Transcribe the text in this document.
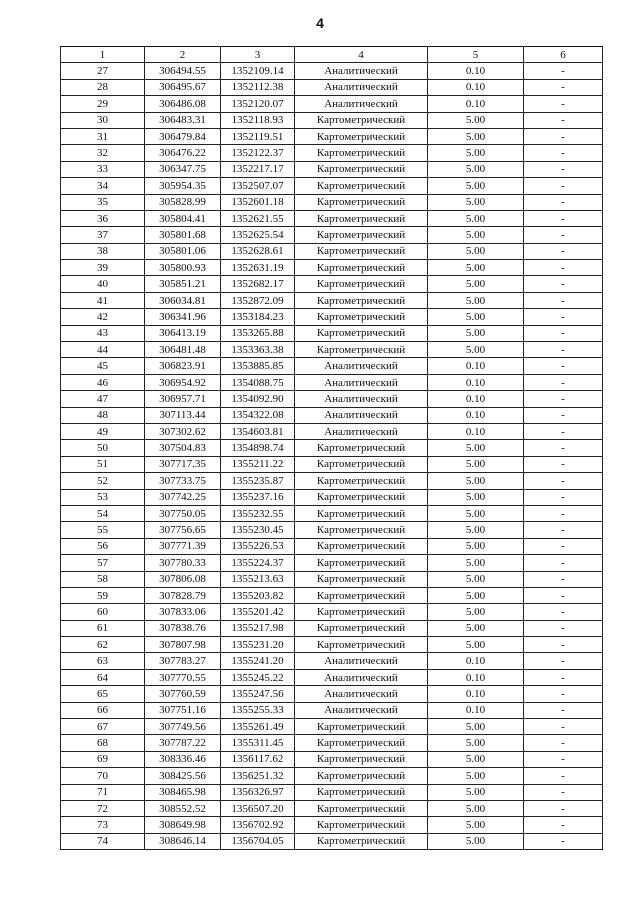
4
1	2	3	4	5	6
27	306494.55	1352109.14	Аналитический	0.10	-
28	306495.67	1352112.38	Аналитический	0.10	-
29	306486.08	1352120.07	Аналитический	0.10	-
30	306483.31	1352118.93	Картометрический	5.00	-
31	306479.84	1352119.51	Картометрический	5.00	-
32	306476.22	1352122.37	Картометрический	5.00	-
33	306347.75	1352217.17	Картометрический	5.00	-
34	305954.35	1352507.07	Картометрический	5.00	-
35	305828.99	1352601.18	Картометрический	5.00	-
36	305804.41	1352621.55	Картометрический	5.00	-
37	305801.68	1352625.54	Картометрический	5.00	-
38	305801.06	1352628.61	Картометрический	5.00	-
39	305800.93	1352631.19	Картометрический	5.00	-
40	305851.21	1352682.17	Картометрический	5.00	-
41	306034.81	1352872.09	Картометрический	5.00	-
42	306341.96	1353184.23	Картометрический	5.00	-
43	306413.19	1353265.88	Картометрический	5.00	-
44	306481.48	1353363.38	Картометрический	5.00	-
45	306823.91	1353885.85	Аналитический	0.10	-
46	306954.92	1354088.75	Аналитический	0.10	-
47	306957.71	1354092.90	Аналитический	0.10	-
48	307113.44	1354322.08	Аналитический	0.10	-
49	307302.62	1354603.81	Аналитический	0.10	-
50	307504.83	1354898.74	Картометрический	5.00	-
51	307717.35	1355211.22	Картометрический	5.00	-
52	307733.75	1355235.87	Картометрический	5.00	-
53	307742.25	1355237.16	Картометрический	5.00	-
54	307750.05	1355232.55	Картометрический	5.00	-
55	307756.65	1355230.45	Картометрический	5.00	-
56	307771.39	1355226.53	Картометрический	5.00	-
57	307780.33	1355224.37	Картометрический	5.00	-
58	307806.08	1355213.63	Картометрический	5.00	-
59	307828.79	1355203.82	Картометрический	5.00	-
60	307833.06	1355201.42	Картометрический	5.00	-
61	307838.76	1355217.98	Картометрический	5.00	-
62	307807.98	1355231.20	Картометрический	5.00	-
63	307783.27	1355241.20	Аналитический	0.10	-
64	307770.55	1355245.22	Аналитический	0.10	-
65	307760.59	1355247.56	Аналитический	0.10	-
66	307751.16	1355255.33	Аналитический	0.10	-
67	307749.56	1355261.49	Картометрический	5.00	-
68	307787.22	1355311.45	Картометрический	5.00	-
69	308336.46	1356117.62	Картометрический	5.00	-
70	308425.56	1356251.32	Картометрический	5.00	-
71	308465.98	1356326.97	Картометрический	5.00	-
72	308552.52	1356507.20	Картометрический	5.00	-
73	308649.98	1356702.92	Картометрический	5.00	-
74	308646.14	1356704.05	Картометрический	5.00	-
